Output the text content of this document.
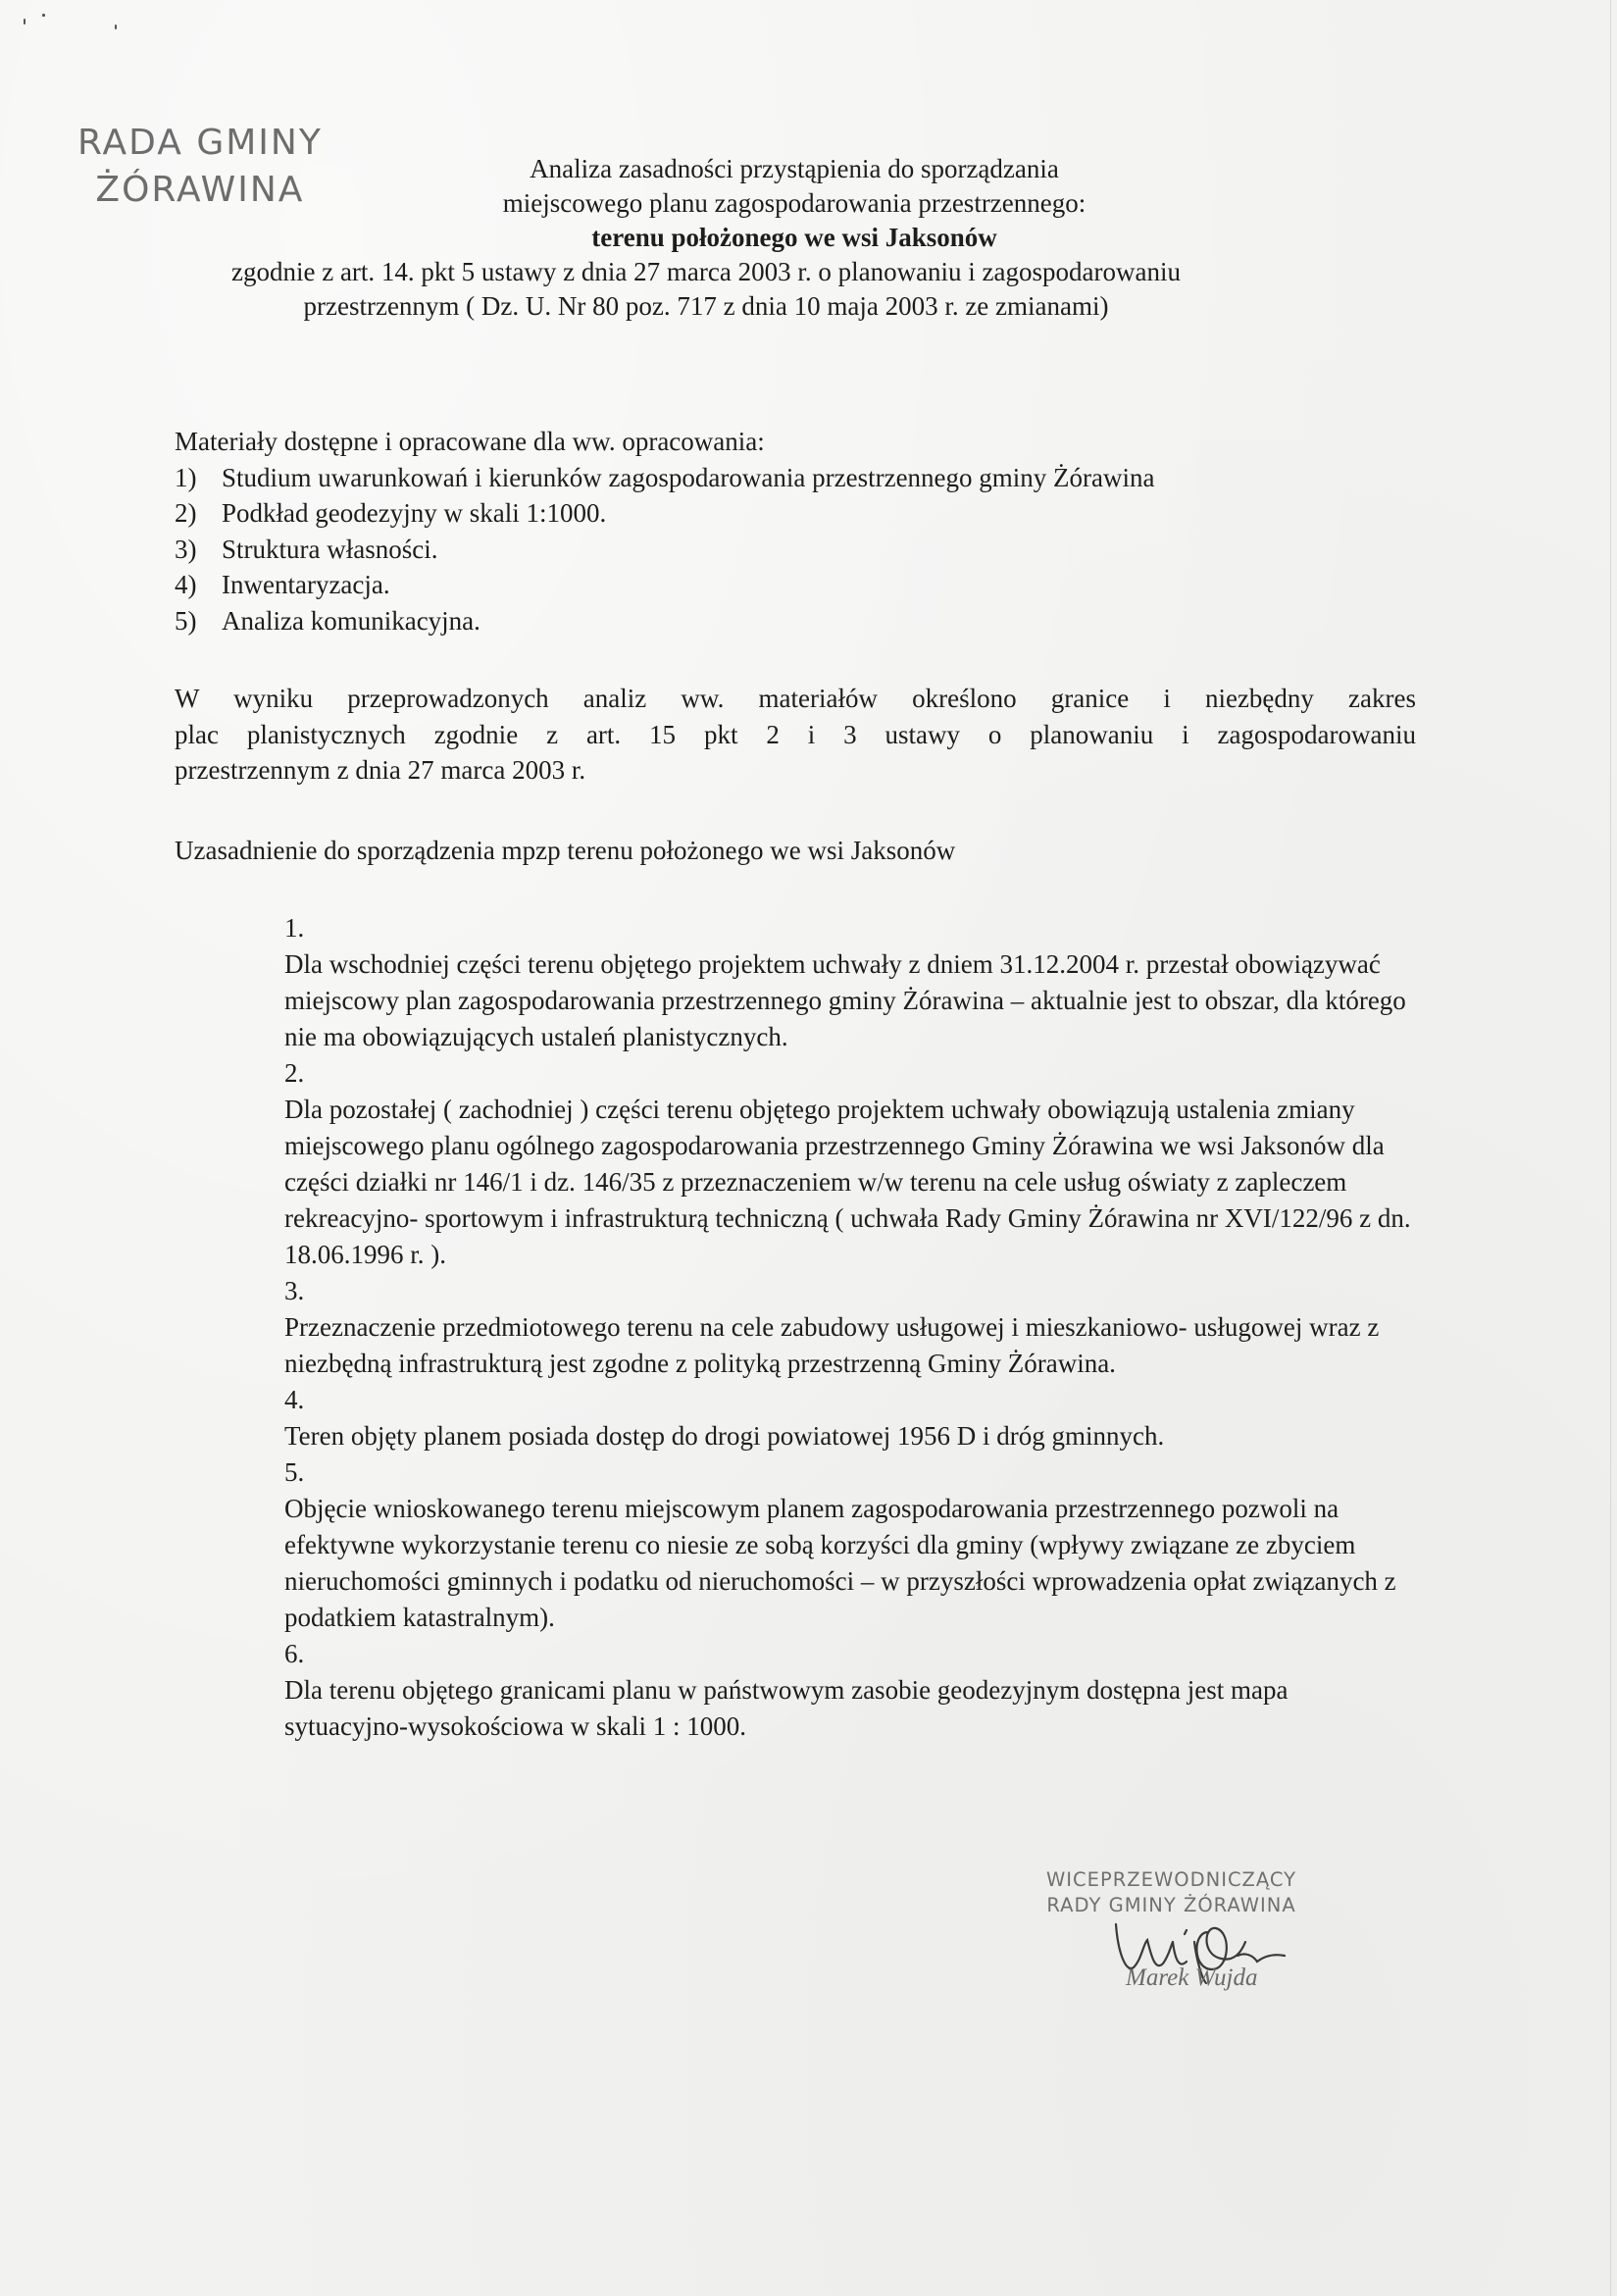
RADA GMINY
ŻÓRAWINA
Analiza zasadności przystąpienia do sporządzania
miejscowego planu zagospodarowania przestrzennego:
terenu położonego we wsi Jaksonów
zgodnie z art. 14. pkt 5 ustawy z dnia 27 marca 2003 r. o planowaniu i zagospodarowaniu
przestrzennym ( Dz. U. Nr 80 poz. 717 z dnia 10 maja 2003 r. ze zmianami)
Materiały dostępne i opracowane dla ww. opracowania:
1) Studium uwarunkowań i kierunków zagospodarowania przestrzennego gminy Żórawina
2) Podkład geodezyjny w skali 1:1000.
3) Struktura własności.
4) Inwentaryzacja.
5) Analiza komunikacyjna.
W wyniku przeprowadzonych analiz ww. materiałów określono granice i niezbędny zakres
plac planistycznych zgodnie z art. 15 pkt 2 i 3 ustawy o planowaniu i zagospodarowaniu
przestrzennym z dnia 27 marca 2003 r.
Uzasadnienie do sporządzenia mpzp terenu położonego we wsi Jaksonów
1.
Dla wschodniej części terenu objętego projektem uchwały z dniem 31.12.2004 r. przestał obowiązywać miejscowy plan zagospodarowania przestrzennego gminy Żórawina – aktualnie jest to obszar, dla którego nie ma obowiązujących ustaleń planistycznych.
2.
Dla pozostałej ( zachodniej ) części terenu objętego projektem uchwały obowiązują ustalenia zmiany miejscowego planu ogólnego zagospodarowania przestrzennego Gminy Żórawina we wsi Jaksonów dla części działki nr 146/1 i dz. 146/35 z przeznaczeniem w/w terenu na cele usług oświaty z zapleczem rekreacyjno- sportowym i infrastrukturą techniczną ( uchwała Rady Gminy Żórawina nr XVI/122/96 z dn. 18.06.1996 r. ).
3.
Przeznaczenie przedmiotowego terenu na cele zabudowy usługowej i mieszkaniowo- usługowej wraz z niezbędną infrastrukturą jest zgodne z polityką przestrzenną Gminy Żórawina.
4.
Teren objęty planem posiada dostęp do drogi powiatowej 1956 D i dróg gminnych.
5.
Objęcie wnioskowanego terenu miejscowym planem zagospodarowania przestrzennego pozwoli na efektywne wykorzystanie terenu co niesie ze sobą korzyści dla gminy (wpływy związane ze zbyciem nieruchomości gminnych i podatku od nieruchomości – w przyszłości wprowadzenia opłat związanych z podatkiem katastralnym).
6.
Dla terenu objętego granicami planu w państwowym zasobie geodezyjnym dostępna jest mapa sytuacyjno-wysokościowa w skali 1 : 1000.
WICEPRZEWODNICZĄCY
RADY GMINY ŻÓRAWINA
Marek Wujda
